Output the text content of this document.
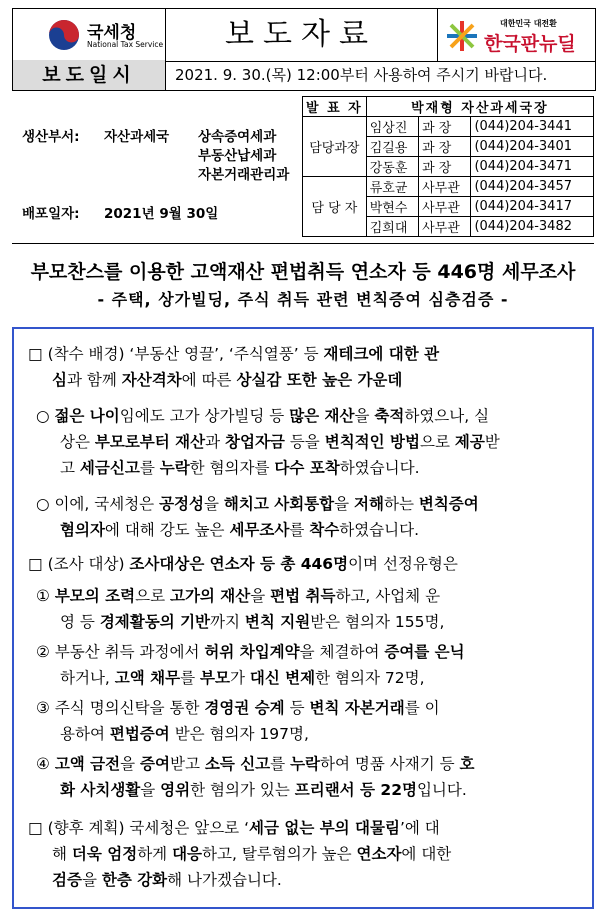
국세청
National Tax Service	보도자료	대한민국 대전환
한국판뉴딜
보도일시	2021. 9. 30.(목) 12:00부터 사용하여 주시기 바랍니다.
생산부서: 자산과세국 상속증여세과
부동산납세과
자본거래관리과
배포일자: 2021년 9월 30일
발 표 자	박재형 자산과세국장		
담당과장	임상진	과 장	(044)204-3441
	김길용	과 장	(044)204-3401
	강동훈	과 장	(044)204-3471
담 당 자	류호균	사무관	(044)204-3457
	박현수	사무관	(044)204-3417
	김희대	사무관	(044)204-3482
부모찬스를 이용한 고액재산 편법취득 연소자 등 446명 세무조사
- 주택, 상가빌딩, 주식 취득 관련 변칙증여 심층검증 -
□ (착수 배경) ‘부동산 영끌’, ‘주식열풍’ 등 재테크에 대한 관
심과 함께 자산격차에 따른 상실감 또한 높은 가운데
○ 젊은 나이임에도 고가 상가빌딩 등 많은 재산을 축적하였으나, 실
상은 부모로부터 재산과 창업자금 등을 변칙적인 방법으로 제공받
고 세금신고를 누락한 혐의자를 다수 포착하였습니다.
○ 이에, 국세청은 공정성을 해치고 사회통합을 저해하는 변칙증여
혐의자에 대해 강도 높은 세무조사를 착수하였습니다.
□ (조사 대상) 조사대상은 연소자 등 총 446명이며 선정유형은
① 부모의 조력으로 고가의 재산을 편법 취득하고, 사업체 운
영 등 경제활동의 기반까지 변칙 지원받은 혐의자 155명,
② 부동산 취득 과정에서 허위 차입계약을 체결하여 증여를 은닉
하거나, 고액 채무를 부모가 대신 변제한 혐의자 72명,
③ 주식 명의신탁을 통한 경영권 승계 등 변칙 자본거래를 이
용하여 편법증여 받은 혐의자 197명,
④ 고액 금전을 증여받고 소득 신고를 누락하여 명품 사재기 등 호
화 사치생활을 영위한 혐의가 있는 프리랜서 등 22명입니다.
□ (향후 계획) 국세청은 앞으로 ‘세금 없는 부의 대물림’에 대
해 더욱 엄정하게 대응하고, 탈루혐의가 높은 연소자에 대한
검증을 한층 강화해 나가겠습니다.
